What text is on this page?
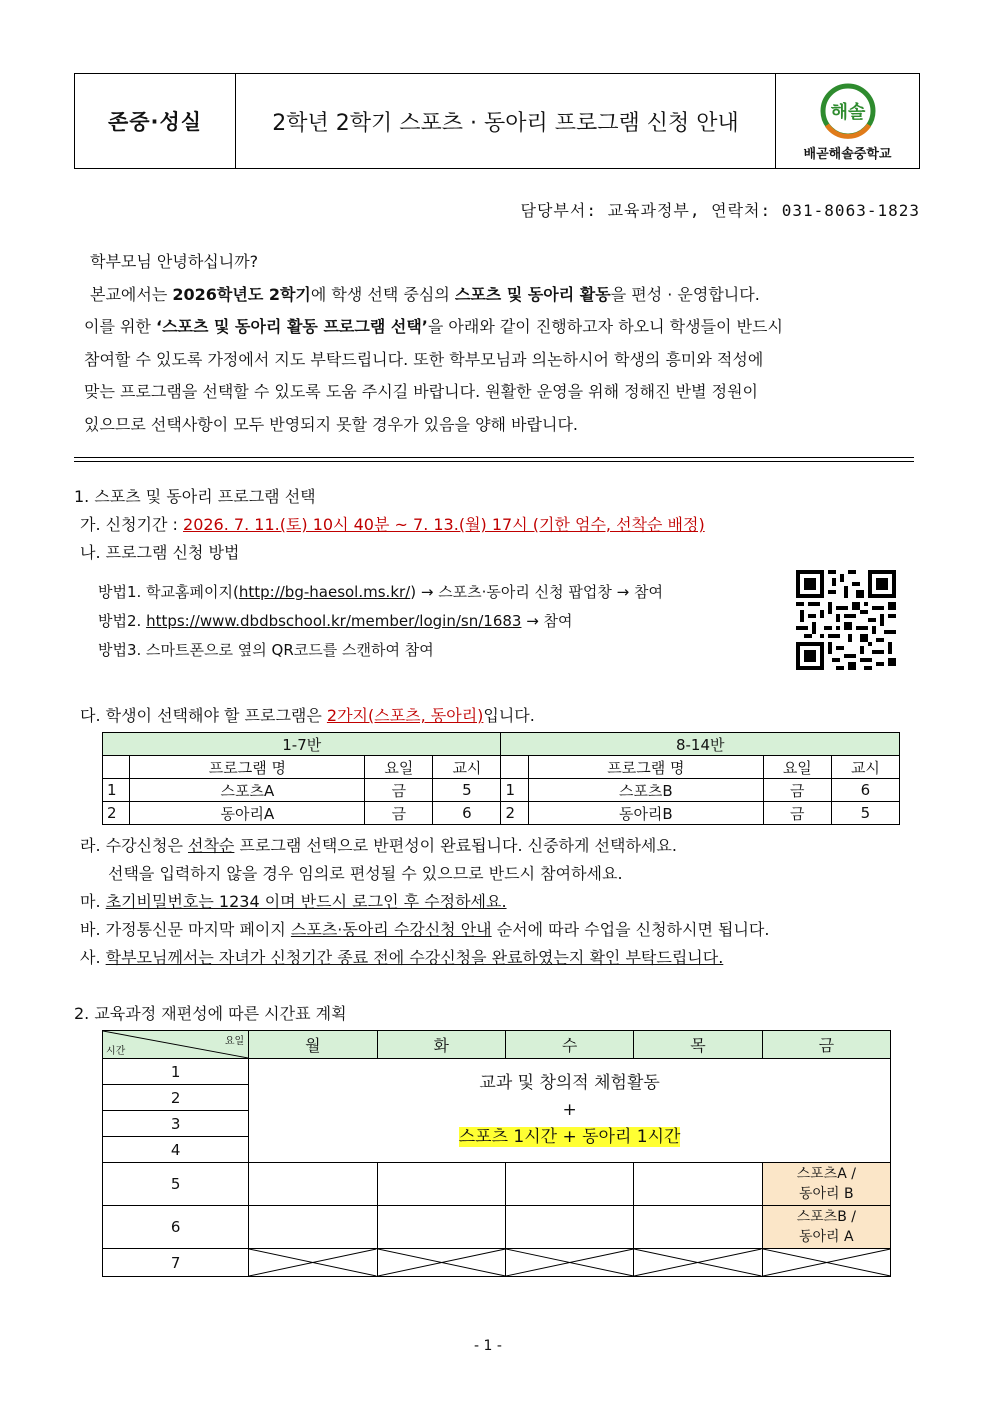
존중·성실	2학년 2학기 스포츠 · 동아리 프로그램 신청 안내	해솔
배곧해솔중학교
담당부서: 교육과정부, 연락처: 031-8063-1823
학부모님 안녕하십니까?
본교에서는 2026학년도 2학기에 학생 선택 중심의 스포츠 및 동아리 활동을 편성 · 운영합니다.
이를 위한 ‘스포츠 및 동아리 활동 프로그램 선택’을 아래와 같이 진행하고자 하오니 학생들이 반드시
참여할 수 있도록 가정에서 지도 부탁드립니다. 또한 학부모님과 의논하시어 학생의 흥미와 적성에
맞는 프로그램을 선택할 수 있도록 도움 주시길 바랍니다. 원활한 운영을 위해 정해진 반별 정원이
있으므로 선택사항이 모두 반영되지 못할 경우가 있음을 양해 바랍니다.
1. 스포츠 및 동아리 프로그램 선택
가. 신청기간 : 2026. 7. 11.(토) 10시 40분 ~ 7. 13.(월) 17시 (기한 엄수, 선착순 배정)
나. 프로그램 신청 방법
방법1. 학교홈페이지(http://bg-haesol.ms.kr/) → 스포츠·동아리 신청 팝업창 → 참여
방법2. https://www.dbdbschool.kr/member/login/sn/1683 → 참여
방법3. 스마트폰으로 옆의 QR코드를 스캔하여 참여
다. 학생이 선택해야 할 프로그램은 2가지(스포츠, 동아리)입니다.
1-7반				8-14반			
	프로그램 명	요일	교시		프로그램 명	요일	교시
1	스포츠A	금	5	1	스포츠B	금	6
2	동아리A	금	6	2	동아리B	금	5
라. 수강신청은 선착순 프로그램 선택으로 반편성이 완료됩니다. 신중하게 선택하세요.
선택을 입력하지 않을 경우 임의로 편성될 수 있으므로 반드시 참여하세요.
마. 초기비밀번호는 1234 이며 반드시 로그인 후 수정하세요.
바. 가정통신문 마지막 페이지 스포츠·동아리 수강신청 안내 순서에 따라 수업을 신청하시면 됩니다.
사. 학부모님께서는 자녀가 신청기간 종료 전에 수강신청을 완료하였는지 확인 부탁드립니다.
2. 교육과정 재편성에 따른 시간표 계획
요일
시간	월	화	수	목	금
1	교과 및 창의적 체험활동
+
스포츠 1시간 + 동아리 1시간				

2					
3					
4					
5					스포츠A /
동아리 B

6					스포츠B /
동아리 A

7	

- 1 -
